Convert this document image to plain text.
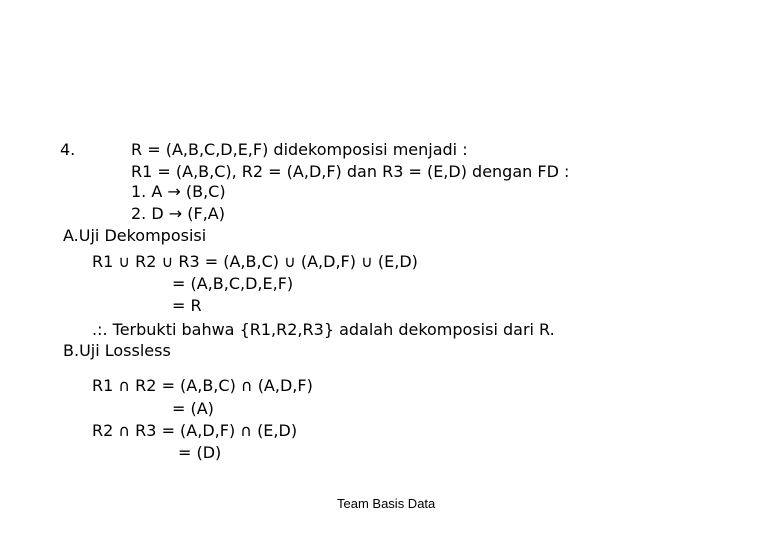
4.	R = (A,B,C,D,E,F) didekomposisi menjadi :
R1 = (A,B,C), R2 = (A,D,F) dan R3 = (E,D) dengan FD :
1. A → (B,C)
2. D → (F,A)
A.Uji Dekomposisi
R1 ∪ R2 ∪ R3 = (A,B,C) ∪ (A,D,F) ∪ (E,D)
= (A,B,C,D,E,F)
= R
.:. Terbukti bahwa {R1,R2,R3} adalah dekomposisi dari R.
B.Uji Lossless
R1 ∩ R2 = (A,B,C) ∩ (A,D,F)
= (A)
R2 ∩ R3 = (A,D,F) ∩ (E,D)
= (D)
Team Basis Data
